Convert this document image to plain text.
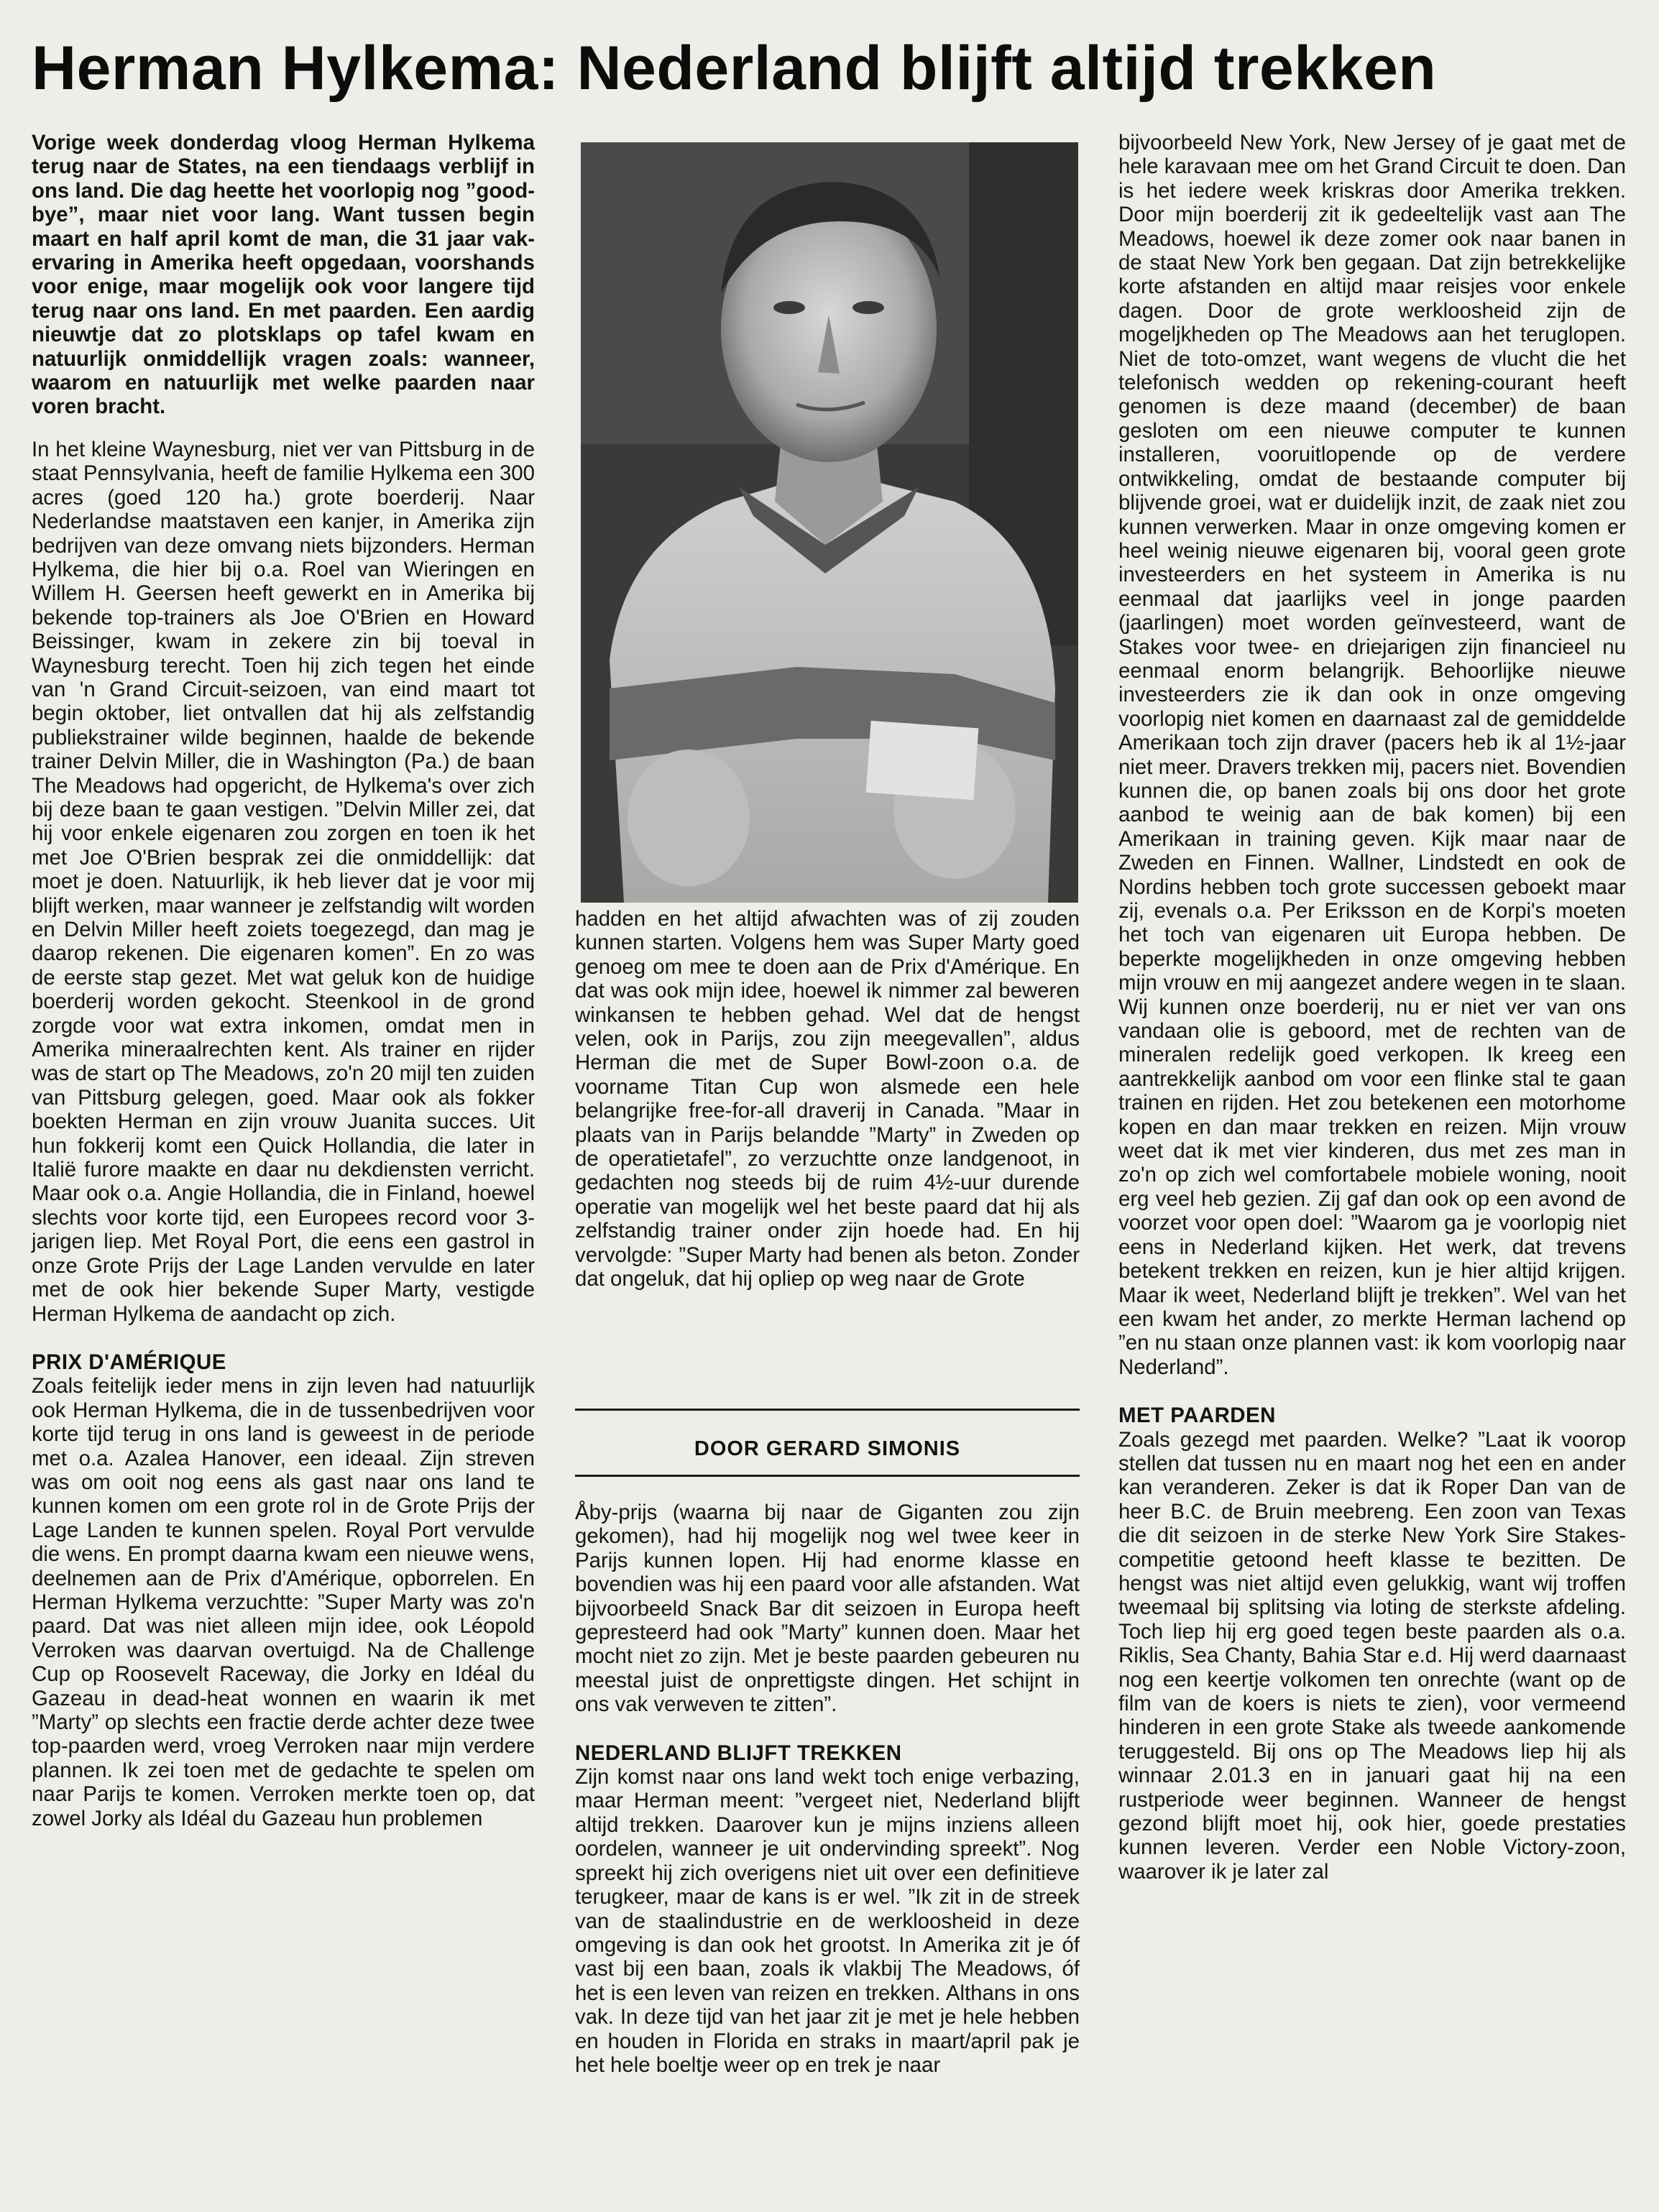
Herman Hylkema: Nederland blijft altijd trekken

Vorige week donderdag vloog Herman Hylkema terug naar de States, na een tiendaags verblijf in ons land. Die dag heette het voorlopig nog ”good-bye”, maar niet voor lang. Want tussen begin maart en half april komt de man, die 31 jaar vak-ervaring in Amerika heeft opgedaan, voorshands voor enige, maar mogelijk ook voor langere tijd terug naar ons land. En met paarden. Een aardig nieuwtje dat zo plotsklaps op tafel kwam en natuurlijk onmiddellijk vragen zoals: wanneer, waarom en natuurlijk met welke paarden naar voren bracht.

In het kleine Waynesburg, niet ver van Pittsburg in de staat Pennsylvania, heeft de familie Hylkema een 300 acres (goed 120 ha.) grote boerderij. Naar Nederlandse maatstaven een kanjer, in Amerika zijn bedrijven van deze omvang niets bijzonders. Herman Hylkema, die hier bij o.a. Roel van Wieringen en Willem H. Geersen heeft gewerkt en in Amerika bij bekende top-trainers als Joe O'Brien en Howard Beissinger, kwam in zekere zin bij toeval in Waynesburg terecht. Toen hij zich tegen het einde van 'n Grand Circuit-seizoen, van eind maart tot begin oktober, liet ontvallen dat hij als zelfstandig publiekstrainer wilde beginnen, haalde de bekende trainer Delvin Miller, die in Washington (Pa.) de baan The Meadows had opgericht, de Hylkema's over zich bij deze baan te gaan vestigen. ”Delvin Miller zei, dat hij voor enkele eigenaren zou zorgen en toen ik het met Joe O'Brien besprak zei die onmiddellijk: dat moet je doen. Natuurlijk, ik heb liever dat je voor mij blijft werken, maar wanneer je zelfstandig wilt worden en Delvin Miller heeft zoiets toegezegd, dan mag je daarop rekenen. Die eigenaren komen”. En zo was de eerste stap gezet. Met wat geluk kon de huidige boerderij worden gekocht. Steenkool in de grond zorgde voor wat extra inkomen, omdat men in Amerika mineraalrechten kent. Als trainer en rijder was de start op The Meadows, zo'n 20 mijl ten zuiden van Pittsburg gelegen, goed. Maar ook als fokker boekten Herman en zijn vrouw Juanita succes. Uit hun fokkerij komt een Quick Hollandia, die later in Italië furore maakte en daar nu dekdiensten verricht. Maar ook o.a. Angie Hollandia, die in Finland, hoewel slechts voor korte tijd, een Europees record voor 3-jarigen liep. Met Royal Port, die eens een gastrol in onze Grote Prijs der Lage Landen vervulde en later met de ook hier bekende Super Marty, vestigde Herman Hylkema de aandacht op zich.

PRIX D'AMÉRIQUE

Zoals feitelijk ieder mens in zijn leven had natuurlijk ook Herman Hylkema, die in de tussenbedrijven voor korte tijd terug in ons land is geweest in de periode met o.a. Azalea Hanover, een ideaal. Zijn streven was om ooit nog eens als gast naar ons land te kunnen komen om een grote rol in de Grote Prijs der Lage Landen te kunnen spelen. Royal Port vervulde die wens. En prompt daarna kwam een nieuwe wens, deelnemen aan de Prix d'Amérique, opborrelen. En Herman Hylkema verzuchtte: ”Super Marty was zo'n paard. Dat was niet alleen mijn idee, ook Léopold Verroken was daarvan overtuigd. Na de Challenge Cup op Roosevelt Raceway, die Jorky en Idéal du Gazeau in dead-heat wonnen en waarin ik met ”Marty” op slechts een fractie derde achter deze twee top-paarden werd, vroeg Verroken naar mijn verdere plannen. Ik zei toen met de gedachte te spelen om naar Parijs te komen. Verroken merkte toen op, dat zowel Jorky als Idéal du Gazeau hun problemen

hadden en het altijd afwachten was of zij zouden kunnen starten. Volgens hem was Super Marty goed genoeg om mee te doen aan de Prix d'Amérique. En dat was ook mijn idee, hoewel ik nimmer zal beweren winkansen te hebben gehad. Wel dat de hengst velen, ook in Parijs, zou zijn meegevallen”, aldus Herman die met de Super Bowl-zoon o.a. de voorname Titan Cup won alsmede een hele belangrijke free-for-all draverij in Canada. ”Maar in plaats van in Parijs belandde ”Marty” in Zweden op de operatietafel”, zo verzuchtte onze landgenoot, in gedachten nog steeds bij de ruim 4½-uur durende operatie van mogelijk wel het beste paard dat hij als zelfstandig trainer onder zijn hoede had. En hij vervolgde: ”Super Marty had benen als beton. Zonder dat ongeluk, dat hij opliep op weg naar de Grote

DOOR GERARD SIMONIS

Åby-prijs (waarna bij naar de Giganten zou zijn gekomen), had hij mogelijk nog wel twee keer in Parijs kunnen lopen. Hij had enorme klasse en bovendien was hij een paard voor alle afstanden. Wat bijvoorbeeld Snack Bar dit seizoen in Europa heeft gepresteerd had ook ”Marty” kunnen doen. Maar het mocht niet zo zijn. Met je beste paarden gebeuren nu meestal juist de onprettigste dingen. Het schijnt in ons vak verweven te zitten”.

NEDERLAND BLIJFT TREKKEN

Zijn komst naar ons land wekt toch enige verbazing, maar Herman meent: ”vergeet niet, Nederland blijft altijd trekken. Daarover kun je mijns inziens alleen oordelen, wanneer je uit ondervinding spreekt”. Nog spreekt hij zich overigens niet uit over een definitieve terugkeer, maar de kans is er wel. ”Ik zit in de streek van de staalindustrie en de werkloosheid in deze omgeving is dan ook het grootst. In Amerika zit je óf vast bij een baan, zoals ik vlakbij The Meadows, óf het is een leven van reizen en trekken. Althans in ons vak. In deze tijd van het jaar zit je met je hele hebben en houden in Florida en straks in maart/april pak je het hele boeltje weer op en trek je naar

bijvoorbeeld New York, New Jersey of je gaat met de hele karavaan mee om het Grand Circuit te doen. Dan is het iedere week kriskras door Amerika trekken. Door mijn boerderij zit ik gedeeltelijk vast aan The Meadows, hoewel ik deze zomer ook naar banen in de staat New York ben gegaan. Dat zijn betrekkelijke korte afstanden en altijd maar reisjes voor enkele dagen. Door de grote werkloosheid zijn de mogeljkheden op The Meadows aan het teruglopen. Niet de toto-omzet, want wegens de vlucht die het telefonisch wedden op rekening-courant heeft genomen is deze maand (december) de baan gesloten om een nieuwe computer te kunnen installeren, vooruitlopende op de verdere ontwikkeling, omdat de bestaande computer bij blijvende groei, wat er duidelijk inzit, de zaak niet zou kunnen verwerken. Maar in onze omgeving komen er heel weinig nieuwe eigenaren bij, vooral geen grote investeerders en het systeem in Amerika is nu eenmaal dat jaarlijks veel in jonge paarden (jaarlingen) moet worden geïnvesteerd, want de Stakes voor twee- en driejarigen zijn financieel nu eenmaal enorm belangrijk. Behoorlijke nieuwe investeerders zie ik dan ook in onze omgeving voorlopig niet komen en daarnaast zal de gemiddelde Amerikaan toch zijn draver (pacers heb ik al 1½-jaar niet meer. Dravers trekken mij, pacers niet. Bovendien kunnen die, op banen zoals bij ons door het grote aanbod te weinig aan de bak komen) bij een Amerikaan in training geven. Kijk maar naar de Zweden en Finnen. Wallner, Lindstedt en ook de Nordins hebben toch grote successen geboekt maar zij, evenals o.a. Per Eriksson en de Korpi's moeten het toch van eigenaren uit Europa hebben. De beperkte mogelijkheden in onze omgeving hebben mijn vrouw en mij aangezet andere wegen in te slaan. Wij kunnen onze boerderij, nu er niet ver van ons vandaan olie is geboord, met de rechten van de mineralen redelijk goed verkopen. Ik kreeg een aantrekkelijk aanbod om voor een flinke stal te gaan trainen en rijden. Het zou betekenen een motorhome kopen en dan maar trekken en reizen. Mijn vrouw weet dat ik met vier kinderen, dus met zes man in zo'n op zich wel comfortabele mobiele woning, nooit erg veel heb gezien. Zij gaf dan ook op een avond de voorzet voor open doel: ”Waarom ga je voorlopig niet eens in Nederland kijken. Het werk, dat trevens betekent trekken en reizen, kun je hier altijd krijgen. Maar ik weet, Nederland blijft je trekken”. Wel van het een kwam het ander, zo merkte Herman lachend op ”en nu staan onze plannen vast: ik kom voorlopig naar Nederland”.

MET PAARDEN

Zoals gezegd met paarden. Welke? ”Laat ik voorop stellen dat tussen nu en maart nog het een en ander kan veranderen. Zeker is dat ik Roper Dan van de heer B.C. de Bruin meebreng. Een zoon van Texas die dit seizoen in de sterke New York Sire Stakes-competitie getoond heeft klasse te bezitten. De hengst was niet altijd even gelukkig, want wij troffen tweemaal bij splitsing via loting de sterkste afdeling. Toch liep hij erg goed tegen beste paarden als o.a. Riklis, Sea Chanty, Bahia Star e.d. Hij werd daarnaast nog een keertje volkomen ten onrechte (want op de film van de koers is niets te zien), voor vermeend hinderen in een grote Stake als tweede aankomende teruggesteld. Bij ons op The Meadows liep hij als winnaar 2.01.3 en in januari gaat hij na een rustperiode weer beginnen. Wanneer de hengst gezond blijft moet hij, ook hier, goede prestaties kunnen leveren. Verder een Noble Victory-zoon, waarover ik je later zal
